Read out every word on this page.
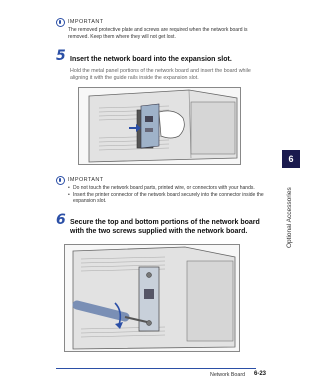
IMPORTANT
The removed protective plate and screws are required when the network board is removed. Keep them where they will not get lost.
5 Insert the network board into the expansion slot.
Hold the metal panel portions of the network board and insert the board while aligning it with the guide rails inside the expansion slot.
IMPORTANT
• Do not touch the network board parts, printed wire, or connectors with your hands.
• Insert the printer connector of the network board securely into the connector inside the expansion slot.
6 Secure the top and bottom portions of the network board with the two screws supplied with the network board.
6
Optional Accessories
Network Board 6-23
